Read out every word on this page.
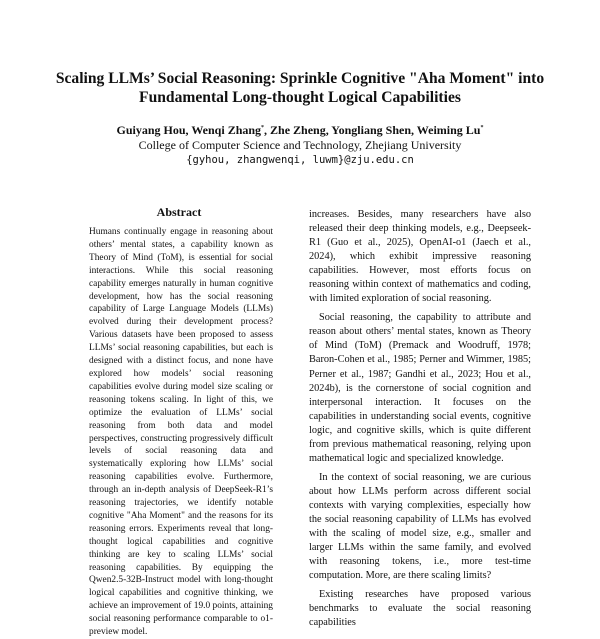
Scaling LLMs’ Social Reasoning: Sprinkle Cognitive "Aha Moment" into Fundamental Long-thought Logical Capabilities
Guiyang Hou, Wenqi Zhang*, Zhe Zheng, Yongliang Shen, Weiming Lu*
College of Computer Science and Technology, Zhejiang University
{gyhou, zhangwenqi, luwm}@zju.edu.cn
Abstract

Humans continually engage in reasoning about others’ mental states, a capability known as Theory of Mind (ToM), is essential for social interactions. While this social reasoning capability emerges naturally in human cognitive development, how has the social reasoning capability of Large Language Models (LLMs) evolved during their development process? Various datasets have been proposed to assess LLMs’ social reasoning capabilities, but each is designed with a distinct focus, and none have explored how models’ social reasoning capabilities evolve during model size scaling or reasoning tokens scaling. In light of this, we optimize the evaluation of LLMs’ social reasoning from both data and model perspectives, constructing progressively difficult levels of social reasoning data and systematically exploring how LLMs’ social reasoning capabilities evolve. Furthermore, through an in-depth analysis of DeepSeek-R1’s reasoning trajectories, we identify notable cognitive "Aha Moment" and the reasons for its reasoning errors. Experiments reveal that long-thought logical capabilities and cognitive thinking are key to scaling LLMs’ social reasoning capabilities. By equipping the Qwen2.5-32B-Instruct model with long-thought logical capabilities and cognitive thinking, we achieve an improvement of 19.0 points, attaining social reasoning performance comparable to o1-preview model.

increases. Besides, many researchers have also released their deep thinking models, e.g., Deepseek-R1 (Guo et al., 2025), OpenAI-o1 (Jaech et al., 2024), which exhibit impressive reasoning capabilities. However, most efforts focus on reasoning within context of mathematics and coding, with limited exploration of social reasoning.

Social reasoning, the capability to attribute and reason about others’ mental states, known as Theory of Mind (ToM) (Premack and Woodruff, 1978; Baron-Cohen et al., 1985; Perner and Wimmer, 1985; Perner et al., 1987; Gandhi et al., 2023; Hou et al., 2024b), is the cornerstone of social cognition and interpersonal interaction. It focuses on the capabilities in understanding social events, cognitive logic, and cognitive skills, which is quite different from previous mathematical reasoning, relying upon mathematical logic and specialized knowledge.

In the context of social reasoning, we are curious about how LLMs perform across different social contexts with varying complexities, especially how the social reasoning capability of LLMs has evolved with the scaling of model size, e.g., smaller and larger LLMs within the same family, and evolved with reasoning tokens, i.e., more test-time computation. More, are there scaling limits?

Existing researches have proposed various benchmarks to evaluate the social reasoning capabilities
